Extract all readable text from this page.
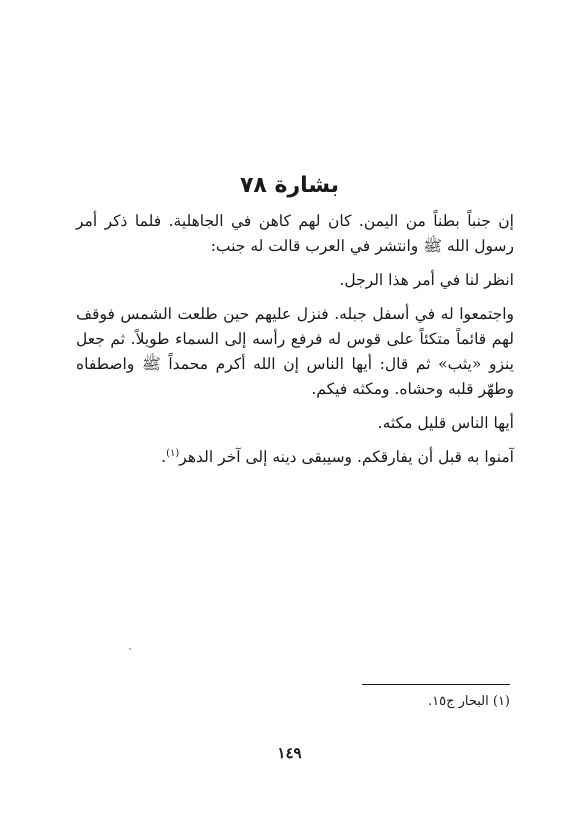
بشارة ٧٨

إن جنباً بطناً من اليمن. كان لهم كاهن في الجاهلية. فلما ذكر أمر رسول الله ﷺ وانتشر في العرب قالت له جنب:

انظر لنا في أمر هذا الرجل.

واجتمعوا له في أسفل جبله. فنزل عليهم حين طلعت الشمس فوقف لهم قائماً متكئاً على قوس له فرفع رأسه إلى السماء طويلاً. ثم جعل ينزو «يثب» ثم قال: أيها الناس إن الله أكرم محمداً ﷺ واصطفاه وطهّر قلبه وحشاه. ومكثه فيكم.

أيها الناس قليل مكثه.

آمنوا به قبل أن يفارقكم. وسيبقى دينه إلى آخر الدهر$^{(١)}$.

(١) البحار ج١٥.
١٤٩
